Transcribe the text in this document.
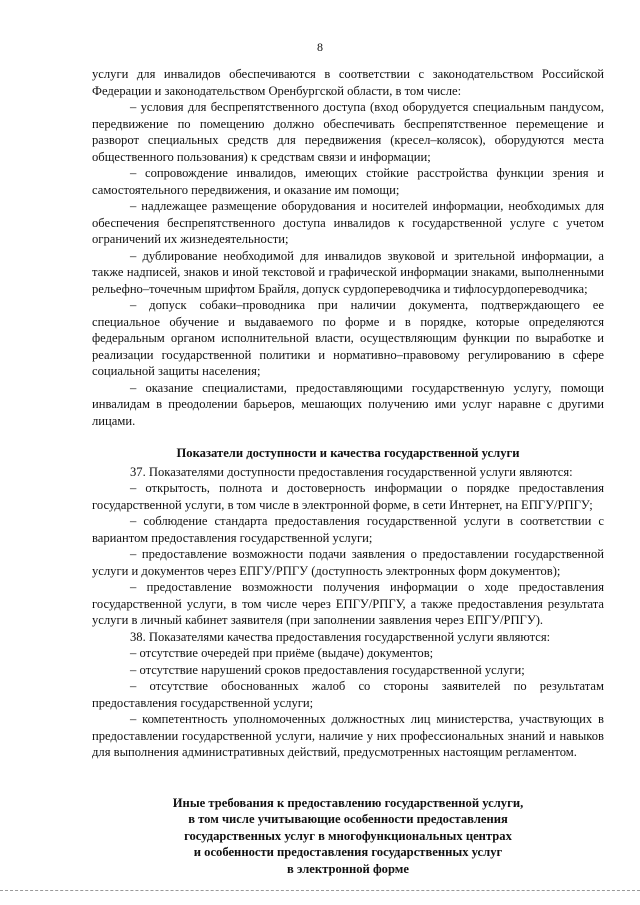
8

услуги для инвалидов обеспечиваются в соответствии с законодательством Российской Федерации и законодательством Оренбургской области, в том числе:

– условия для беспрепятственного доступа (вход оборудуется специальным пандусом, передвижение по помещению должно обеспечивать беспрепятственное перемещение и разворот специальных средств для передвижения (кресел–колясок), оборудуются места общественного пользования) к средствам связи и информации;

– сопровождение инвалидов, имеющих стойкие расстройства функции зрения и самостоятельного передвижения, и оказание им помощи;

– надлежащее размещение оборудования и носителей информации, необходимых для обеспечения беспрепятственного доступа инвалидов к государственной услуге с учетом ограничений их жизнедеятельности;

– дублирование необходимой для инвалидов звуковой и зрительной информации, а также надписей, знаков и иной текстовой и графической информации знаками, выполненными рельефно–точечным шрифтом Брайля, допуск сурдопереводчика и тифлосурдопереводчика;

– допуск собаки–проводника при наличии документа, подтверждающего ее специальное обучение и выдаваемого по форме и в порядке, которые определяются федеральным органом исполнительной власти, осуществляющим функции по выработке и реализации государственной политики и нормативно–правовому регулированию в сфере социальной защиты населения;

– оказание специалистами, предоставляющими государственную услугу, помощи инвалидам в преодолении барьеров, мешающих получению ими услуг наравне с другими лицами.

Показатели доступности и качества государственной услуги

37. Показателями доступности предоставления государственной услуги являются:

– открытость, полнота и достоверность информации о порядке предоставления государственной услуги, в том числе в электронной форме, в сети Интернет, на ЕПГУ/РПГУ;

– соблюдение стандарта предоставления государственной услуги в соответствии с вариантом предоставления государственной услуги;

– предоставление возможности подачи заявления о предоставлении государственной услуги и документов через ЕПГУ/РПГУ (доступность электронных форм документов);

– предоставление возможности получения информации о ходе предоставления государственной услуги, в том числе через ЕПГУ/РПГУ, а также предоставления результата услуги в личный кабинет заявителя (при заполнении заявления через ЕПГУ/РПГУ).

38. Показателями качества предоставления государственной услуги являются:

– отсутствие очередей при приёме (выдаче) документов;

– отсутствие нарушений сроков предоставления государственной услуги;

– отсутствие обоснованных жалоб со стороны заявителей по результатам предоставления государственной услуги;

– компетентность уполномоченных должностных лиц министерства, участвующих в предоставлении государственной услуги, наличие у них профессиональных знаний и навыков для выполнения административных действий, предусмотренных настоящим регламентом.

Иные требования к предоставлению государственной услуги,
в том числе учитывающие особенности предоставления
государственных услуг в многофункциональных центрах
и особенности предоставления государственных услуг
в электронной форме
